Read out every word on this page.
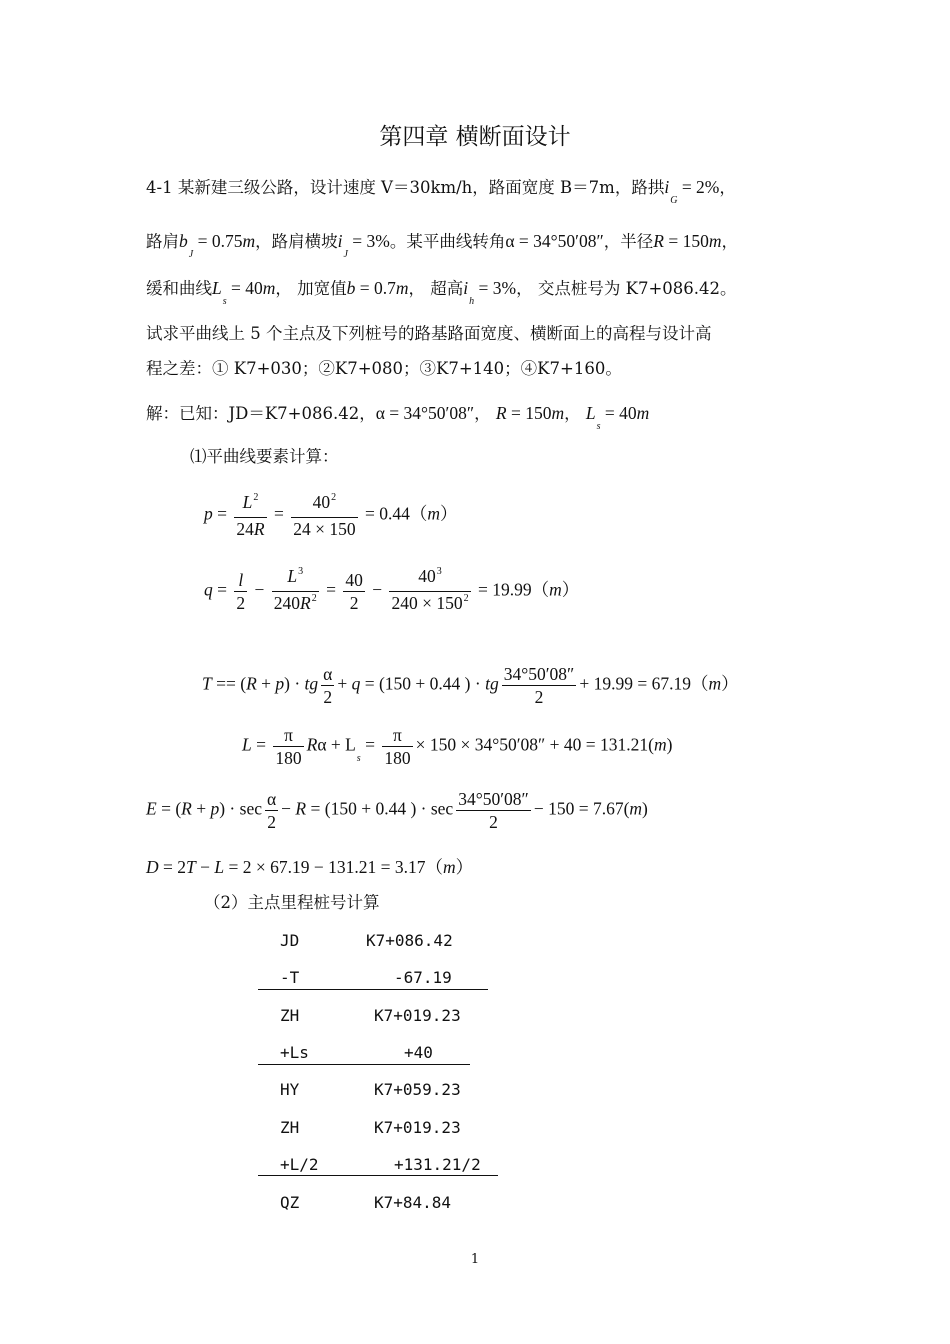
第四章 横断面设计
4-1 某新建三级公路，设计速度 V＝30km/h，路面宽度 B＝7m，路拱$i_G = 2\%$，
路肩$b_J = 0.75m$，路肩横坡$i_J = 3\%$。某平曲线转角α = 34°50′08″，半径R = 150m，
缓和曲线$L_s = 40m$， 加宽值b = 0.7m， 超高$i_h = 3\%$， 交点桩号为 K7+086.42。
试求平曲线上 5 个主点及下列桩号的路基路面宽度、横断面上的高程与设计高
程之差：① K7+030；②K7+080；③K7+140；④K7+160。
解：已知：JD＝K7+086.42，α = 34°50′08″， R = 150m， $L_s = 40m$
⑴平曲线要素计算：
$p = \frac{L^2}{24R} = \frac{40^2}{24 \times 150} = 0.44(m)$
$q = \frac{l}{2} - \frac{L^3}{240R^2} = \frac{40}{2} - \frac{40^3}{240 \times 150^2} = 19.99(m)$
T == (R + p) · tg $\frac{\alpha}{2} + q = (150 + 0.44$ ) · tg $\frac{34^\circ 50'08''}{2} + 19.99 = 67.19(m)$
$L = \frac{\pi}{180}$ $R\alpha + L_s = \frac{\pi}{180} \times 150 \times 34^\circ 50'08'' + 40 = 131.21(m)$
$E = (R + p) \cdot \sec \frac{\alpha}{2} - R = (150 + 0.44$ ) · $\sec \frac{34^\circ 50'08''}{2} - 150 = 7.67(m)$
D = 2T − L = 2 × 67.19 − 131.21 = 3.17（m）
（2）主点里程桩号计算
JD	K7+086.42
-T	-67.19
ZH	K7+019.23
+Ls	+40
HY	K7+059.23
ZH	K7+019.23
+L/2	+131.21/2
QZ	K7+84.84
1
